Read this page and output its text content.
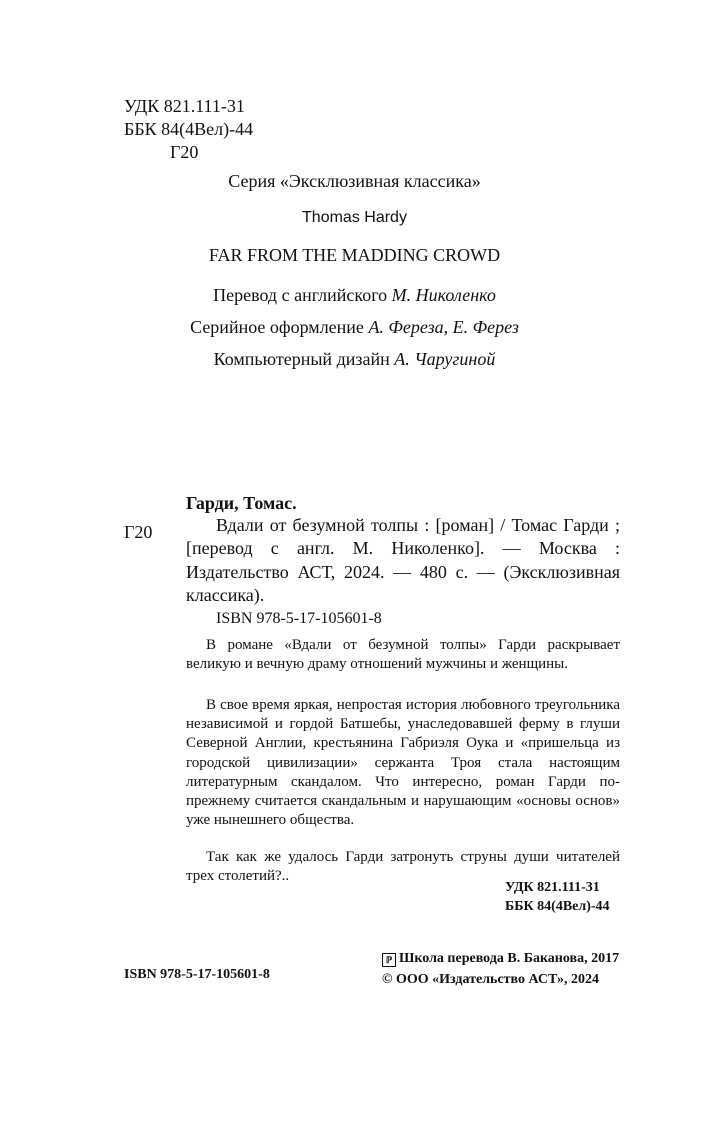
УДК 821.111-31
ББК 84(4Вел)-44
Г20
Серия «Эксклюзивная классика»
Thomas Hardy
FAR FROM THE MADDING CROWD
Перевод с английского М. Николенко
Серийное оформление А. Фереза, Е. Ферез
Компьютерный дизайн А. Чаругиной
Гарди, Томас.
Г20	Вдали от безумной толпы : [роман] / Томас Гарди ; [перевод с англ. М. Николенко]. — Москва : Издательство АСТ, 2024. — 480 с. — (Эксклюзивная классика).
ISBN 978-5-17-105601-8
В романе «Вдали от безумной толпы» Гарди раскрывает великую и вечную драму отношений мужчины и женщины.
В свое время яркая, непростая история любовного треугольника независимой и гордой Батшебы, унаследовавшей ферму в глуши Северной Англии, крестьянина Габриэля Оука и «пришельца из городской цивилизации» сержанта Троя стала настоящим литературным скандалом. Что интересно, роман Гарди по-прежнему считается скандальным и нарушающим «основы основ» уже нынешнего общества.
Так как же удалось Гарди затронуть струны души читателей трех столетий?..
УДК 821.111-31
ББК 84(4Вел)-44
ISBN 978-5-17-105601-8
ℙ Школа перевода В. Баканова, 2017
© ООО «Издательство АСТ», 2024
